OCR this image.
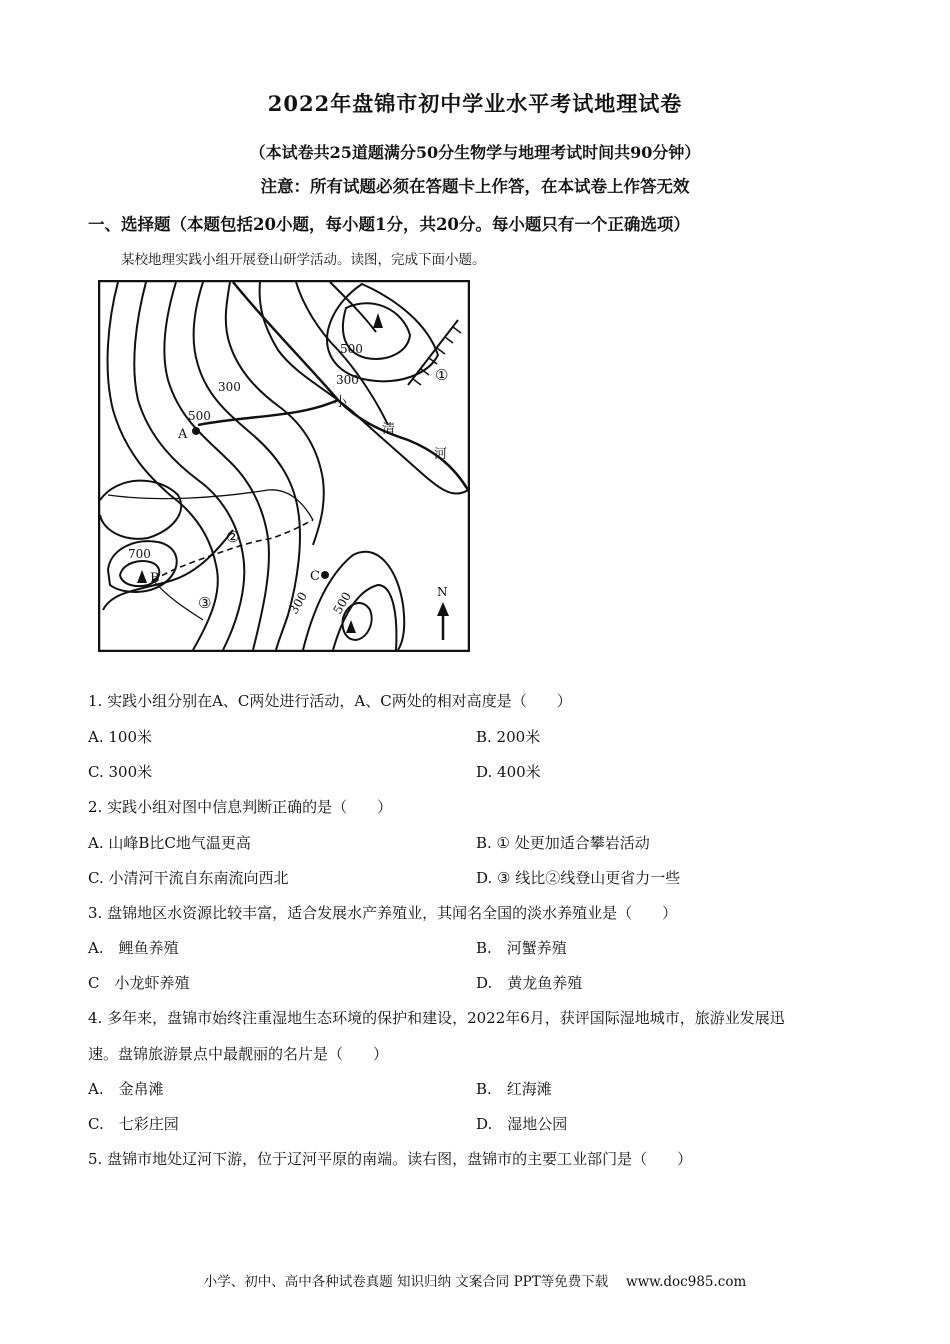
2022年盘锦市初中学业水平考试地理试卷
（本试卷共25道题满分50分生物学与地理考试时间共90分钟）
注意：所有试题必须在答题卡上作答，在本试卷上作答无效
一、选择题（本题包括20小题，每小题1分，共20分。每小题只有一个正确选项）
某校地理实践小组开展登山研学活动。读图，完成下面小题。
500
300
300
500
700
300 500
A
B	C
小
清
河
①
②
③
N
1. 实践小组分别在A、C两处进行活动，A、C两处的相对高度是（　　）
A. 100米	B. 200米
C. 300米	D. 400米
2. 实践小组对图中信息判断正确的是（　　）
A. 山峰B比C地气温更高	B. ① 处更加适合攀岩活动
C. 小清河干流自东南流向西北	D. ③ 线比②线登山更省力一些
3. 盘锦地区水资源比较丰富，适合发展水产养殖业，其闻名全国的淡水养殖业是（　　）
A.　鲤鱼养殖	B.　河蟹养殖
C　小龙虾养殖	D.　黄龙鱼养殖
4. 多年来，盘锦市始终注重湿地生态环境的保护和建设，2022年6月，获评国际湿地城市，旅游业发展迅
速。盘锦旅游景点中最靓丽的名片是（　　）
A.　金帛滩	B.　红海滩
C.　七彩庄园	D.　湿地公园
5. 盘锦市地处辽河下游，位于辽河平原的南端。读右图，盘锦市的主要工业部门是（　　）
小学、初中、高中各种试卷真题 知识归纳 文案合同 PPT等免费下载　 www.doc985.com
